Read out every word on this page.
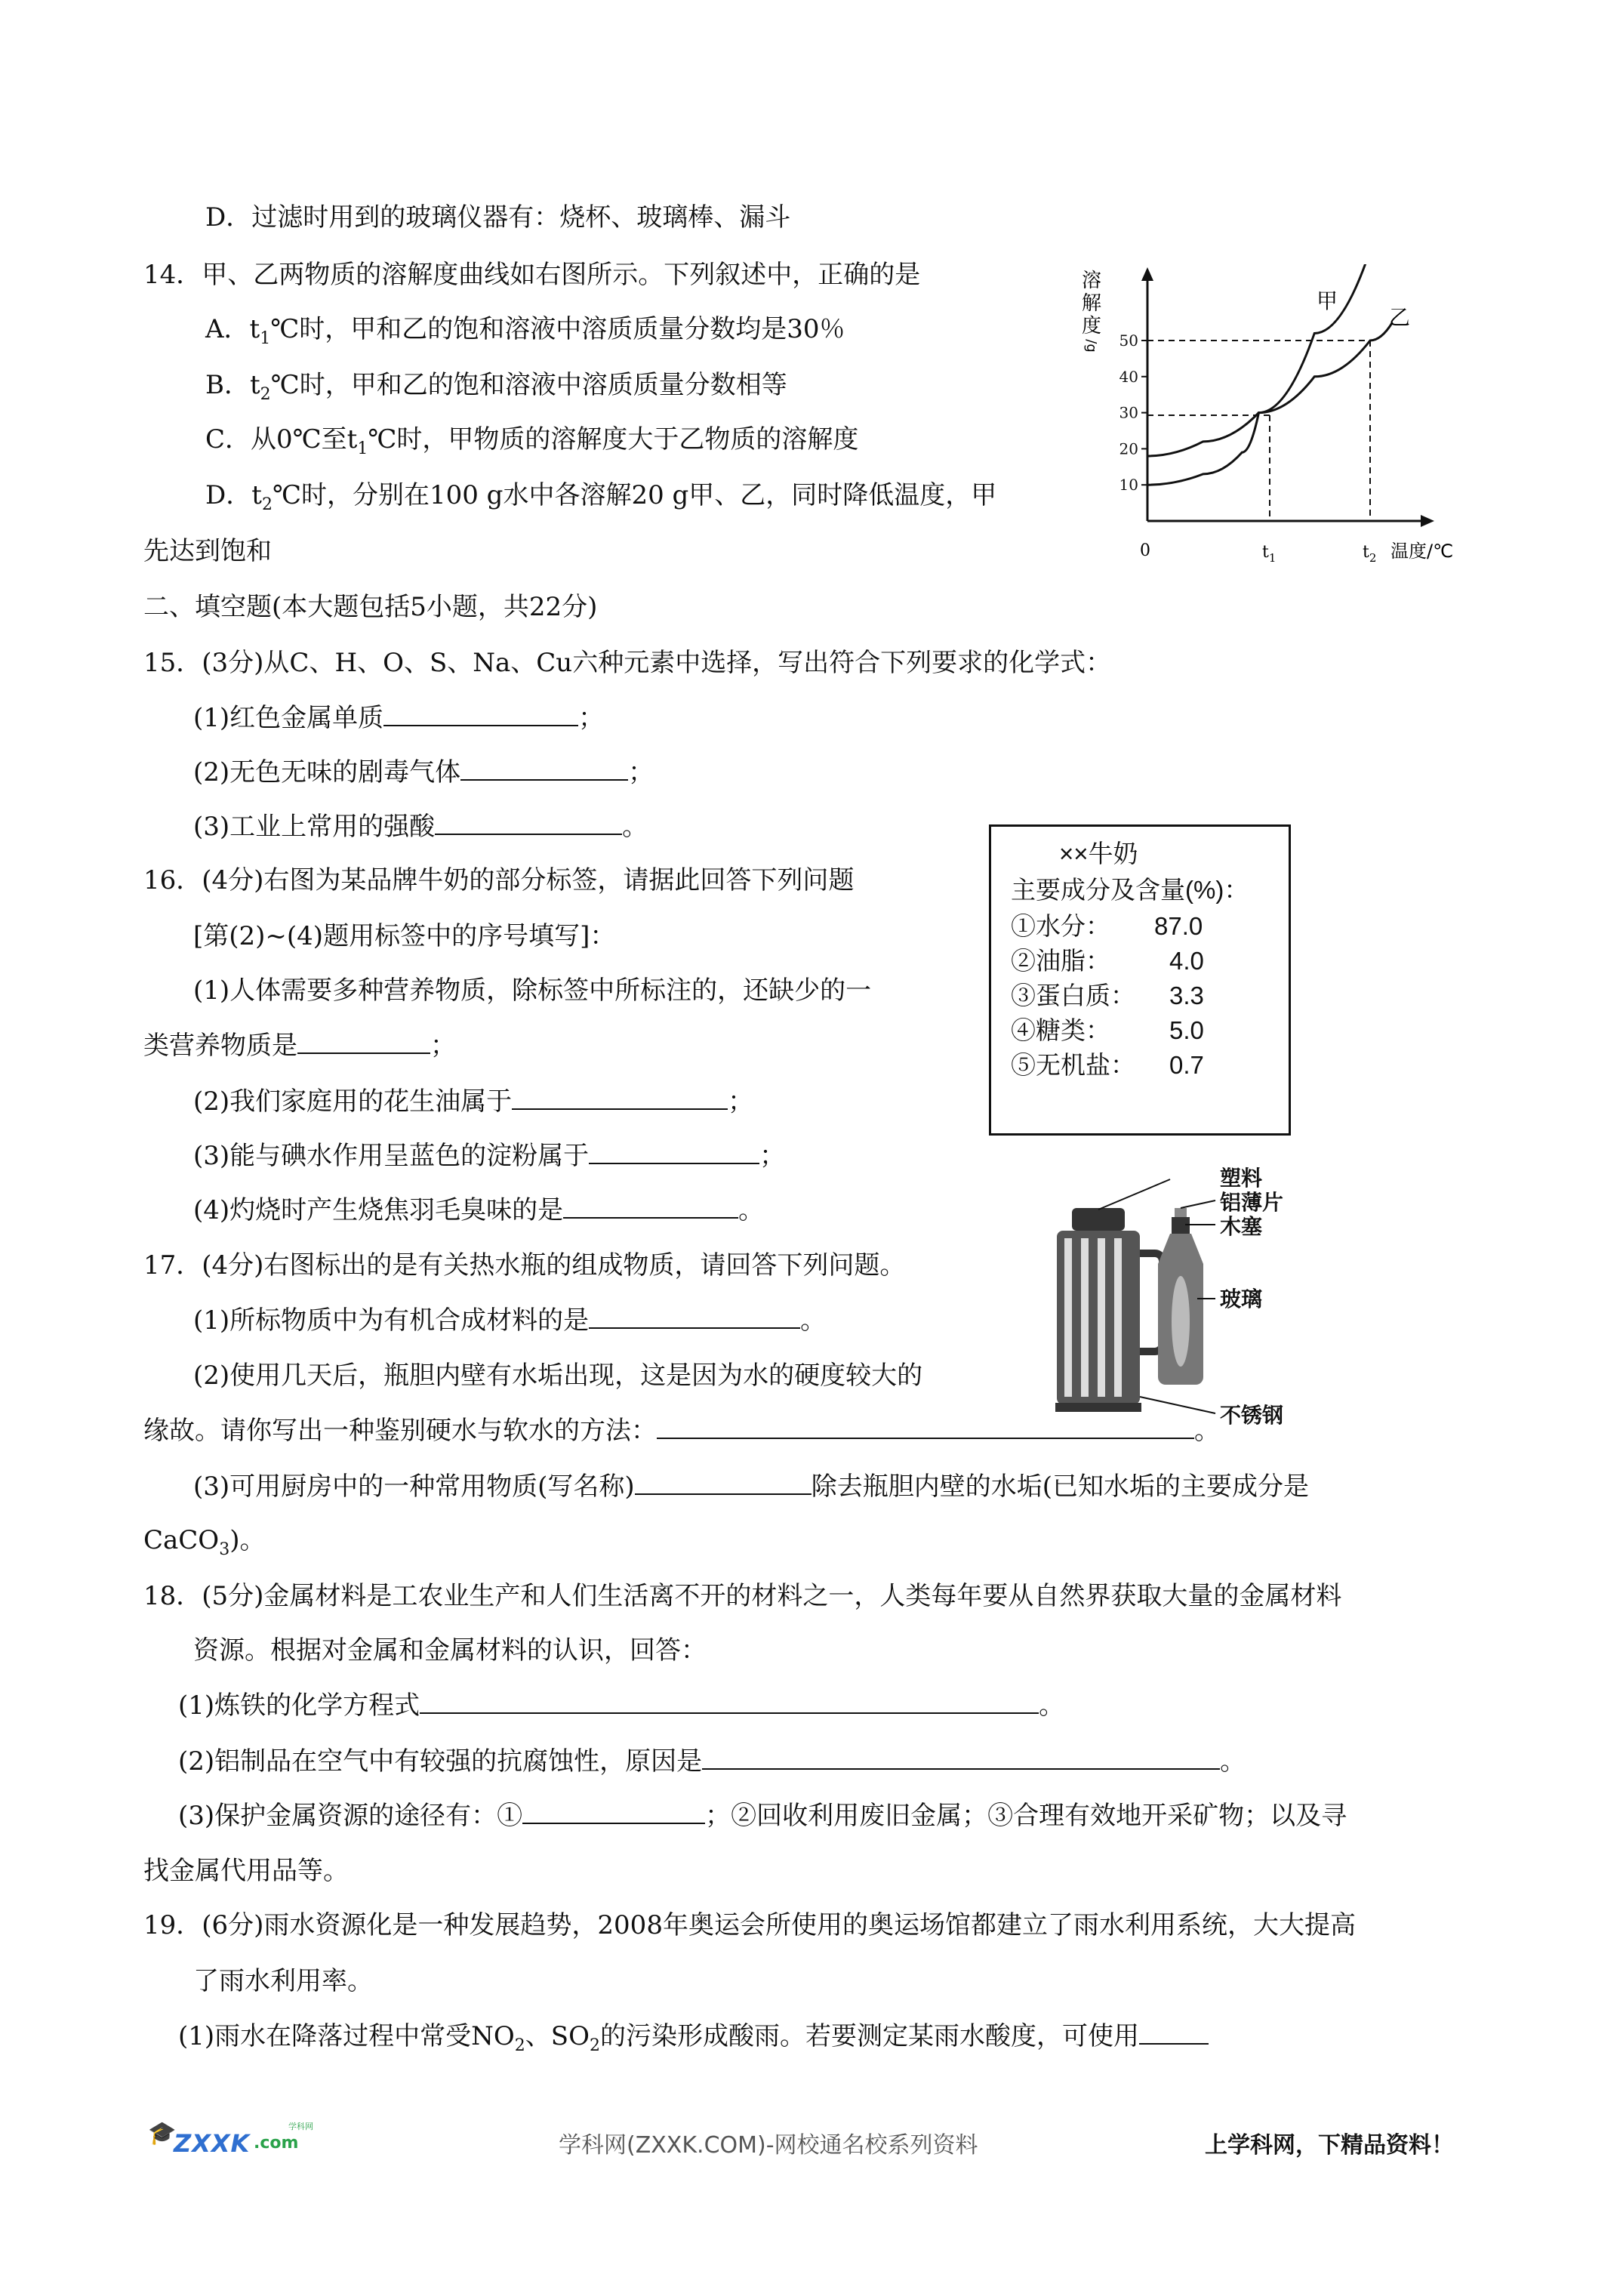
D．过滤时用到的玻璃仪器有：烧杯、玻璃棒、漏斗
14．甲、乙两物质的溶解度曲线如右图所示。下列叙述中，正确的是
A．$t_1℃$时，甲和乙的饱和溶液中溶质质量分数均是30％
B．$t_2℃$时，甲和乙的饱和溶液中溶质质量分数相等
C．从0℃至$t_1℃$时，甲物质的溶解度大于乙物质的溶解度
D．$t_2℃$时，分别在100 g水中各溶解20 g甲、乙，同时降低温度，甲
先达到饱和
溶
解
度
/g
10
20
30
40
50
甲
乙
0	$t_1$	$t_2$ 温度/℃
二、填空题(本大题包括5小题，共22分)
15．(3分)从C、H、O、S、Na、Cu六种元素中选择，写出符合下列要求的化学式：
(1)红色金属单质	；
(2)无色无味的剧毒气体	；
(3)工业上常用的强酸	。
××牛奶
主要成分及含量(%)：
①水分： 87.0
②油脂： 4.0
③蛋白质： 3.3
④糖类： 5.0
⑤无机盐： 0.7
16．(4分)右图为某品牌牛奶的部分标签，请据此回答下列问题
[第(2)~(4)题用标签中的序号填写]：
(1)人体需要多种营养物质，除标签中所标注的，还缺少的一
类营养物质是	；
(2)我们家庭用的花生油属于	；
(3)能与碘水作用呈蓝色的淀粉属于	；
(4)灼烧时产生烧焦羽毛臭味的是	。
塑料
铝薄片
木塞
玻璃
不锈钢
17．(4分)右图标出的是有关热水瓶的组成物质，请回答下列问题。
(1)所标物质中为有机合成材料的是	。
(2)使用几天后，瓶胆内壁有水垢出现，这是因为水的硬度较大的
缘故。请你写出一种鉴别硬水与软水的方法：	。
(3)可用厨房中的一种常用物质(写名称)	除去瓶胆内壁的水垢(已知水垢的主要成分是
CaCO$_3$)。
18．(5分)金属材料是工农业生产和人们生活离不开的材料之一，人类每年要从自然界获取大量的金属材料
资源。根据对金属和金属材料的认识，回答：
(1)炼铁的化学方程式	。
(2)铝制品在空气中有较强的抗腐蚀性，原因是	。
(3)保护金属资源的途径有：①	；②回收利用废旧金属；③合理有效地开采矿物；以及寻
找金属代用品等。
19．(6分)雨水资源化是一种发展趋势，2008年奥运会所使用的奥运场馆都建立了雨水利用系统，大大提高
了雨水利用率。
(1)雨水在降落过程中常受$NO_2$、$SO_2$的污染形成酸雨。若要测定某雨水酸度，可使用
🎓
ZXXK .com
学科网
学科网(ZXXK.COM)-网校通名校系列资料	上学科网，下精品资料！
